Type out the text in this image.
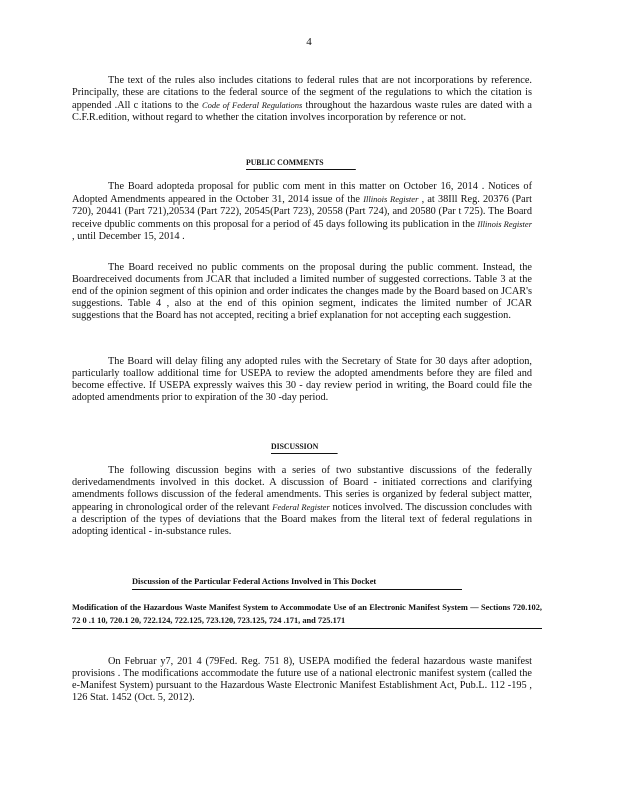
4

The text of the rules also includes citations to federal rules that are not incorporations by reference. Principally, these are citations to the federal source of the segment of the regulations to which the citation is appended .All c itations to the Code of Federal Regulations throughout the hazardous waste rules are dated with a C.F.R.edition, without regard to whether the citation involves incorporation by reference or not.

PUBLIC COMMENTS

The Board adopteda proposal for public com ment in this matter on October 16, 2014 . Notices of Adopted Amendments appeared in the October 31, 2014 issue of the Illinois Register , at 38Ill Reg. 20376 (Part 720), 20441 (Part 721),20534 (Part 722), 20545(Part 723), 20558 (Part 724), and 20580 (Par t 725). The Board receive dpublic comments on this proposal for a period of 45 days following its publication in the Illinois Register , until December 15, 2014 .

The Board received no public comments on the proposal during the public comment. Instead, the Boardreceived documents from JCAR that included a limited number of suggested corrections. Table 3 at the end of the opinion segment of this opinion and order indicates the changes made by the Board based on JCAR's suggestions. Table 4 , also at the end of this opinion segment, indicates the limited number of JCAR suggestions that the Board has not accepted, reciting a brief explanation for not accepting each suggestion.

The Board will delay filing any adopted rules with the Secretary of State for 30 days after adoption, particularly toallow additional time for USEPA to review the adopted amendments before they are filed and become effective. If USEPA expressly waives this 30 - day review period in writing, the Board could file the adopted amendments prior to expiration of the 30 -day period.

DISCUSSION

The following discussion begins with a series of two substantive discussions of the federally derivedamendments involved in this docket. A discussion of Board - initiated corrections and clarifying amendments follows discussion of the federal amendments. This series is organized by federal subject matter, appearing in chronological order of the relevant Federal Register notices involved. The discussion concludes with a description of the types of deviations that the Board makes from the literal text of federal regulations in adopting identical - in-substance rules.

Discussion of the Particular Federal Actions Involved in This Docket
Modification of the Hazardous Waste Manifest System to Accommodate Use of an Electronic Manifest System — Sections 720.102, 72 0 .1 10, 720.1 20, 722.124, 722.125, 723.120, 723.125, 724 .171, and 725.171

On Februar y7, 201 4 (79Fed. Reg. 751 8), USEPA modified the federal hazardous waste manifest provisions . The modifications accommodate the future use of a national electronic manifest system (called the e-Manifest System) pursuant to the Hazardous Waste Electronic Manifest Establishment Act, Pub.L. 112 -195 , 126 Stat. 1452 (Oct. 5, 2012).
